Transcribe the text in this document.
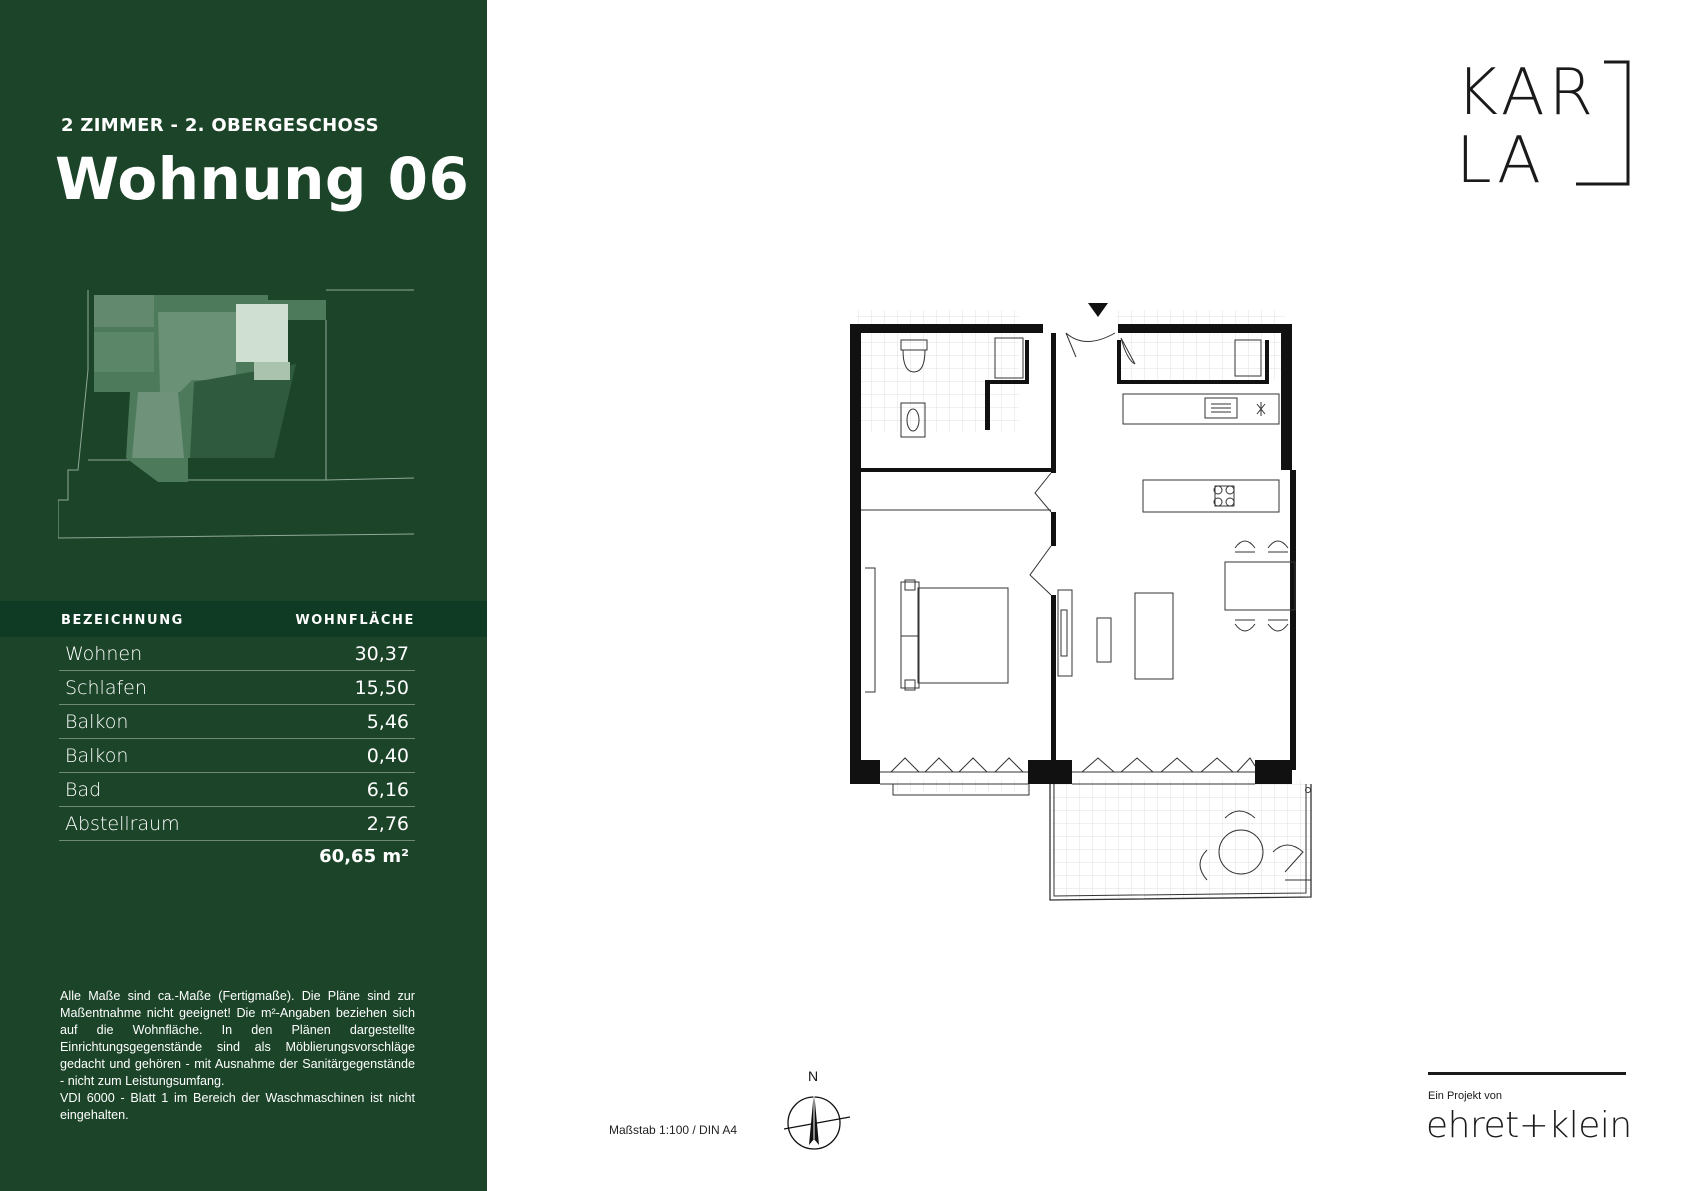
2 ZIMMER - 2. OBERGESCHOSS
Wohnung 06
BEZEICHNUNG	WOHNFLÄCHE
Wohnen	30,37
Schlafen	15,50
Balkon	5,46
Balkon	0,40
Bad	6,16
Abstellraum	2,76
60,65 m²

Alle Maße sind ca.-Maße (Fertigmaße). Die Pläne sind zur Maßentnahme nicht geeignet! Die m²-Angaben beziehen sich auf die Wohnfläche. In den Plänen dargestellte Einrichtungsgegenstände sind als Möblierungsvorschläge gedacht und gehören - mit Ausnahme der Sanitärgegenstände - nicht zum Leistungsumfang.

VDI 6000 - Blatt 1 im Bereich der Waschmaschinen ist nicht eingehalten.

KAR
LA
N
Maßstab 1:100 / DIN A4
Ein Projekt von
ehret+klein
